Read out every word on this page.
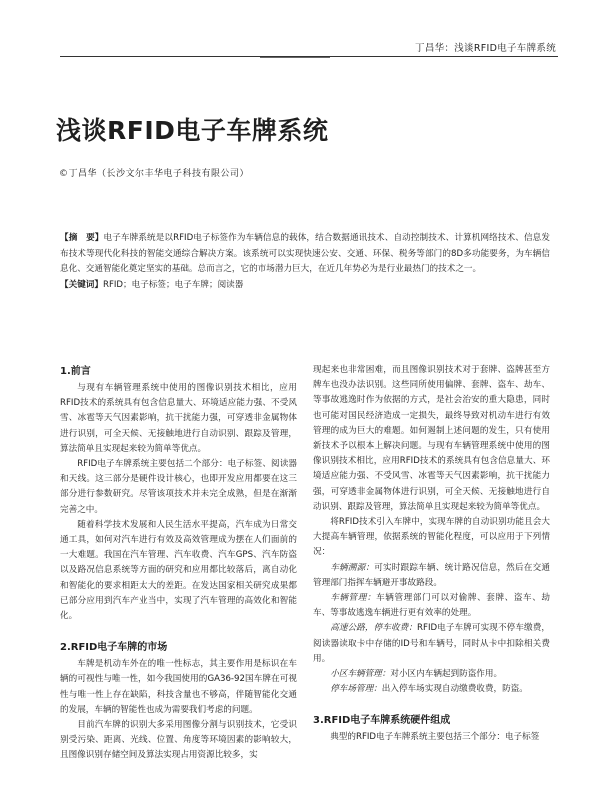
丁昌华：浅谈RFID电子车牌系统
浅谈RFID电子车牌系统
©丁昌华（长沙文尔丰华电子科技有限公司）
【摘　要】电子车牌系统是以RFID电子标签作为车辆信息的载体，结合数据通讯技术、自动控制技术、计算机网络技术、信息发布技术等现代化科技的智能交通综合解决方案。该系统可以实现快速公安、交通、环保、税务等部门的8D多功能要务，为车辆信息化、交通智能化奠定坚实的基础。总而言之，它的市场潜力巨大，在近几年势必为是行业最热门的技术之一。
【关键词】RFID；电子标签；电子车牌；阅读器
1.前言

与现有车辆管理系统中使用的图像识别技术相比，应用RFID技术的系统具有包含信息量大、环境适应能力强、不受风雪、冰雹等天气因素影响，抗干扰能力强，可穿透非金属物体进行识别，可全天候、无接触地进行自动识别、跟踪及管理，算法简单且实现起来较为简单等优点。

RFID电子车牌系统主要包括二个部分：电子标签、阅读器和天线。这三部分是硬件设计核心，也即开发应用都要在这三部分进行参数研究。尽管该项技术并未完全成熟，但是在渐渐完善之中。

随着科学技术发展和人民生活水平提高，汽车成为日常交通工具，如何对汽车进行有效及高效管理成为摆在人们面前的一大难题。我国在汽车管理、汽车收费、汽车GPS、汽车防盗以及路况信息系统等方面的研究和应用都比较落后，离自动化和智能化的要求相距太大的差距。在发达国家相关研究成果都已部分应用到汽车产业当中，实现了汽车管理的高效化和智能化。

2.RFID电子车牌的市场

车牌是机动车外在的唯一性标志，其主要作用是标识在车辆的可视性与唯一性，如今我国使用的GA36-92国车牌在可视性与唯一性上存在缺陷，科技含量也不够高，伴随智能化交通的发展，车辆的智能性也成为需要我们考虑的问题。

目前汽车牌的识别大多采用图像分割与识别技术，它受识别受污染、距离、光线、位置、角度等环境因素的影响较大，且图像识别存储空间及算法实现占用资源比较多，实

现起来也非常困难，而且图像识别技术对于套牌、盗牌甚至方牌车也没办法识别。这些同所使用偏牌、套牌、盗车、劫车、等事故逃逸时作为依据的方式，是社会治安的重大隐患，同时也可能对国民经济造成一定损失，最终导致对机动车进行有效管理的成为巨大的难题。如何遏制上述问题的发生，只有使用新技术予以根本上解决问题。与现有车辆管理系统中使用的图像识别技术相比，应用RFID技术的系统具有包含信息量大、环境适应能力强、不受风雪、冰雹等天气因素影响，抗干扰能力强，可穿透非金属物体进行识别，可全天候、无接触地进行自动识别、跟踪及管理，算法简单且实现起来较为简单等优点。

将RFID技术引入车牌中，实现车牌的自动识别功能且会大大提高车辆管理，依据系统的智能化程度，可以应用于下列情况：

车辆溯源：可实时跟踪车辆、统计路况信息，然后在交通管理部门指挥车辆避开事故路段。

车辆管理：车辆管理部门可以对偷牌、套牌、盗车、劫车、等事故逃逸车辆进行更有效率的处理。

高速公路，停车收费：RFID电子车牌可实现不停车缴费，阅读器读取卡中存储的ID号和车辆号，同时从卡中扣除相关费用。

小区车辆管理：对小区内车辆起到防盗作用。

停车场管理：出入停车场实现自动缴费收费，防盗。

3.RFID电子车牌系统硬件组成

典型的RFID电子车牌系统主要包括三个部分：电子标签
